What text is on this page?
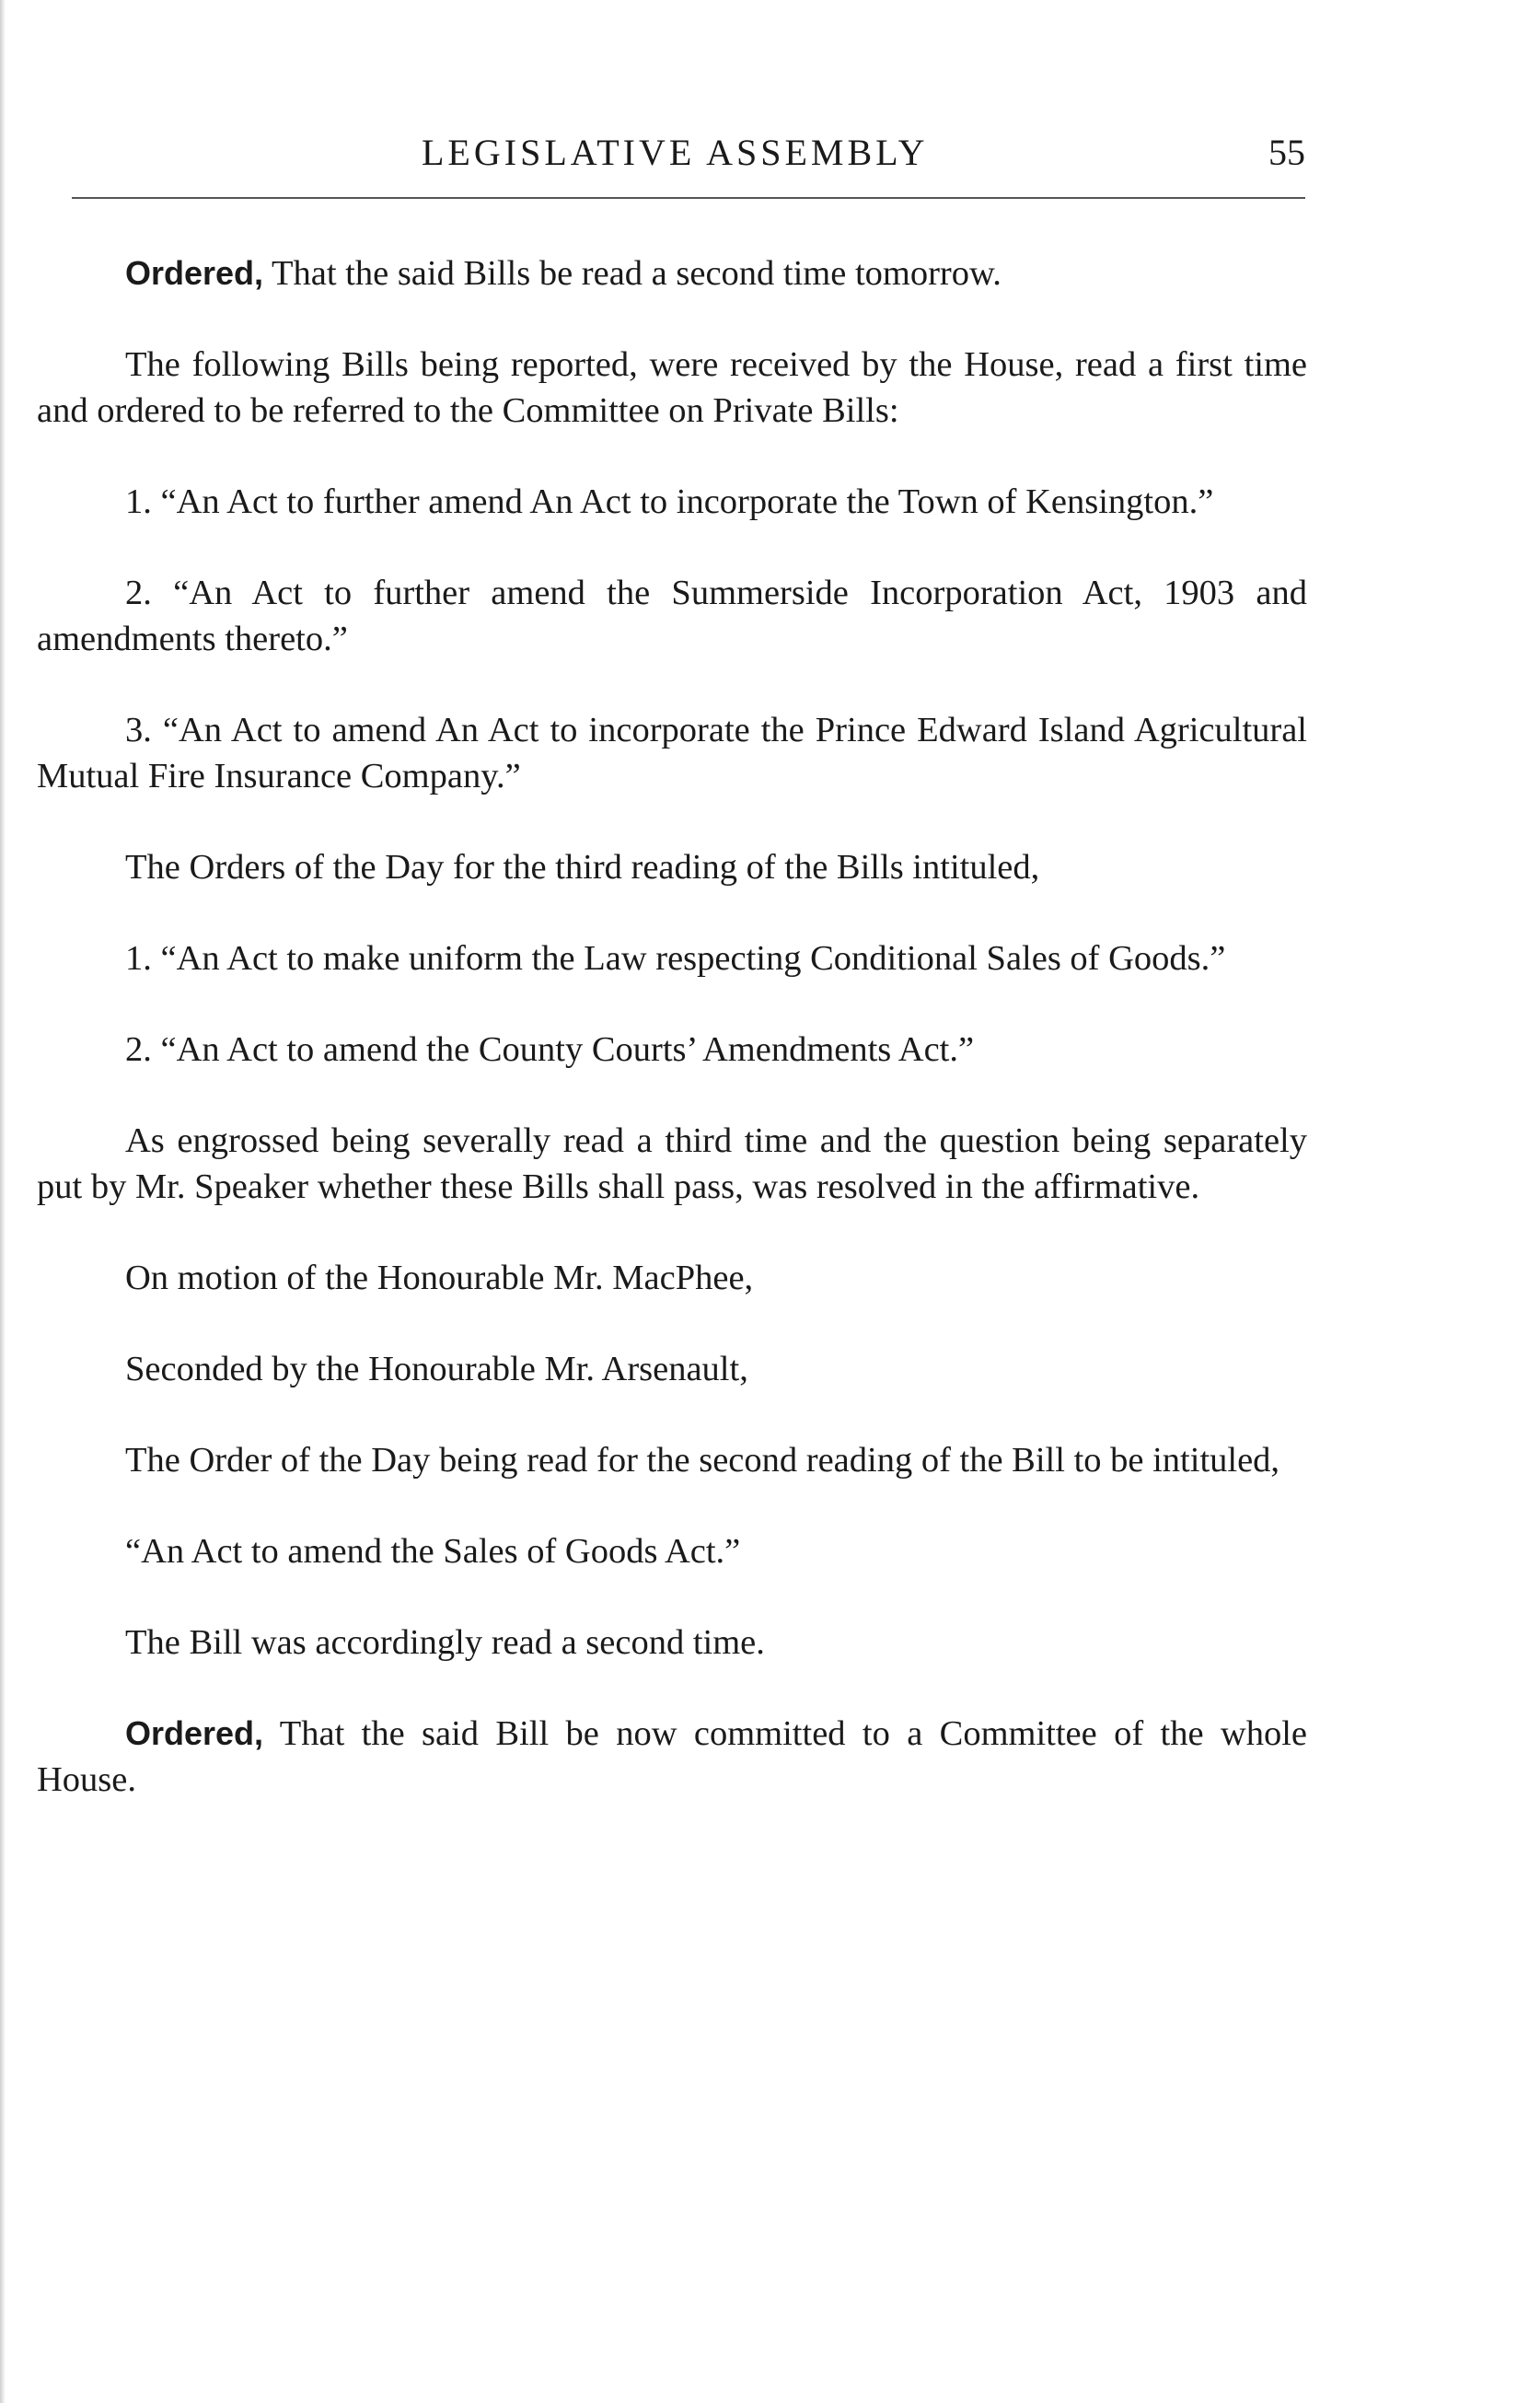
LEGISLATIVE ASSEMBLY	55

Ordered, That the said Bills be read a second time tomorrow.

The following Bills being reported, were received by the House, read a first time and ordered to be referred to the Committee on Private Bills:

1. “An Act to further amend An Act to incorporate the Town of Kensington.”

2. “An Act to further amend the Summerside Incorporation Act, 1903 and amendments thereto.”

3. “An Act to amend An Act to incorporate the Prince Edward Island Agricultural Mutual Fire Insurance Company.”

The Orders of the Day for the third reading of the Bills intituled,

1. “An Act to make uniform the Law respecting Conditional Sales of Goods.”

2. “An Act to amend the County Courts’ Amendments Act.”

As engrossed being severally read a third time and the question being separately put by Mr. Speaker whether these Bills shall pass, was resolved in the affirmative.

On motion of the Honourable Mr. MacPhee,

Seconded by the Honourable Mr. Arsenault,

The Order of the Day being read for the second reading of the Bill to be intituled,

“An Act to amend the Sales of Goods Act.”

The Bill was accordingly read a second time.

Ordered, That the said Bill be now committed to a Committee of the whole House.
